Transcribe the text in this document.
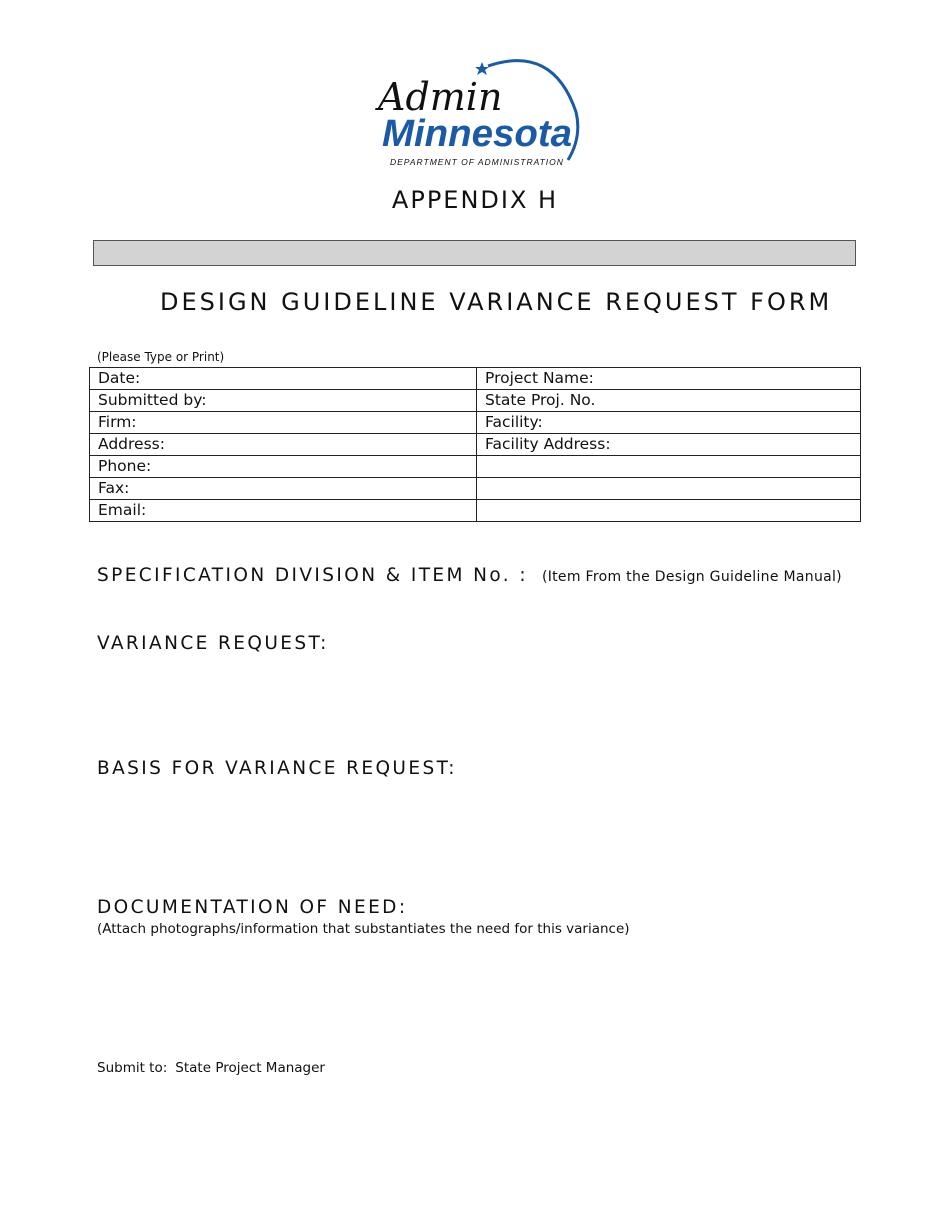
Admin
Minnesota
DEPARTMENT OF ADMINISTRATION
APPENDIX H
DESIGN GUIDELINE VARIANCE REQUEST FORM
(Please Type or Print)
Date:	Project Name:
Submitted by:	State Proj. No.
Firm:	Facility:
Address:	Facility Address:
Phone:	
Fax:	
Email:	
SPECIFICATION DIVISION & ITEM No. : (Item From the Design Guideline Manual)
VARIANCE REQUEST:
BASIS FOR VARIANCE REQUEST:
DOCUMENTATION OF NEED:
(Attach photographs/information that substantiates the need for this variance)
Submit to: State Project Manager
